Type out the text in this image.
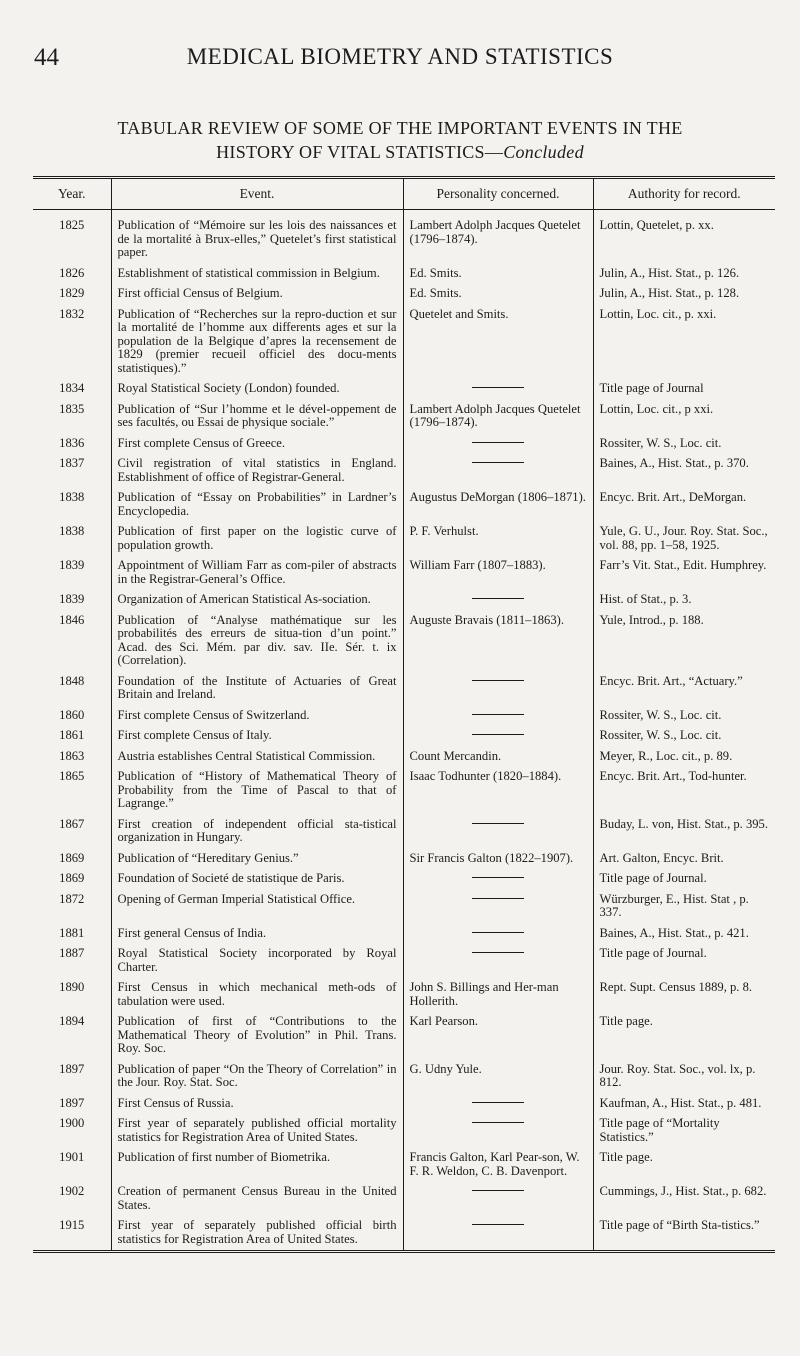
44	MEDICAL BIOMETRY AND STATISTICS
TABULAR REVIEW OF SOME OF THE IMPORTANT EVENTS IN THE
HISTORY OF VITAL STATISTICS—Concluded
Year.	Event.	Personality concerned.	Authority for record.
1825	Publication of “Mémoire sur les lois des naissances et de la mortalité à Brux-elles,” Quetelet’s first statistical paper.	Lambert Adolph Jacques Quetelet (1796–1874).	Lottin, Quetelet, p. xx.
1826	Establishment of statistical commission in Belgium.	Ed. Smits.	Julin, A., Hist. Stat., p. 126.
1829	First official Census of Belgium.	Ed. Smits.	Julin, A., Hist. Stat., p. 128.
1832	Publication of “Recherches sur la repro-duction et sur la mortalité de l’homme aux differents ages et sur la population de la Belgique d’apres la recensement de 1829 (premier recueil officiel des docu-ments statistiques).”	Quetelet and Smits.	Lottin, Loc. cit., p. xxi.
1834	Royal Statistical Society (London) founded.		Title page of Journal
1835	Publication of “Sur l’homme et le dével-oppement de ses facultés, ou Essai de physique sociale.”	Lambert Adolph Jacques Quetelet (1796–1874).	Lottin, Loc. cit., p xxi.
1836	First complete Census of Greece.		Rossiter, W. S., Loc. cit.
1837	Civil registration of vital statistics in England. Establishment of office of Registrar-General.		Baines, A., Hist. Stat., p. 370.
1838	Publication of “Essay on Probabilities” in Lardner’s Encyclopedia.	Augustus DeMorgan (1806–1871).	Encyc. Brit. Art., DeMorgan.
1838	Publication of first paper on the logistic curve of population growth.	P. F. Verhulst.	Yule, G. U., Jour. Roy. Stat. Soc., vol. 88, pp. 1–58, 1925.
1839	Appointment of William Farr as com-piler of abstracts in the Registrar-General’s Office.	William Farr (1807–1883).	Farr’s Vit. Stat., Edit. Humphrey.
1839	Organization of American Statistical As-sociation.		Hist. of Stat., p. 3.
1846	Publication of “Analyse mathématique sur les probabilités des erreurs de situa-tion d’un point.” Acad. des Sci. Mém. par div. sav. IIe. Sér. t. ix (Correlation).	Auguste Bravais (1811–1863).	Yule, Introd., p. 188.
1848	Foundation of the Institute of Actuaries of Great Britain and Ireland.		Encyc. Brit. Art., “Actuary.”
1860	First complete Census of Switzerland.		Rossiter, W. S., Loc. cit.
1861	First complete Census of Italy.		Rossiter, W. S., Loc. cit.
1863	Austria establishes Central Statistical Commission.	Count Mercandin.	Meyer, R., Loc. cit., p. 89.
1865	Publication of “History of Mathematical Theory of Probability from the Time of Pascal to that of Lagrange.”	Isaac Todhunter (1820–1884).	Encyc. Brit. Art., Tod-hunter.
1867	First creation of independent official sta-tistical organization in Hungary.		Buday, L. von, Hist. Stat., p. 395.
1869	Publication of “Hereditary Genius.”	Sir Francis Galton (1822–1907).	Art. Galton, Encyc. Brit.
1869	Foundation of Societé de statistique de Paris.		Title page of Journal.
1872	Opening of German Imperial Statistical Office.		Würzburger, E., Hist. Stat , p. 337.
1881	First general Census of India.		Baines, A., Hist. Stat., p. 421.
1887	Royal Statistical Society incorporated by Royal Charter.		Title page of Journal.
1890	First Census in which mechanical meth-ods of tabulation were used.	John S. Billings and Her-man Hollerith.	Rept. Supt. Census 1889, p. 8.
1894	Publication of first of “Contributions to the Mathematical Theory of Evolution” in Phil. Trans. Roy. Soc.	Karl Pearson.	Title page.
1897	Publication of paper “On the Theory of Correlation” in the Jour. Roy. Stat. Soc.	G. Udny Yule.	Jour. Roy. Stat. Soc., vol. lx, p. 812.
1897	First Census of Russia.		Kaufman, A., Hist. Stat., p. 481.
1900	First year of separately published official mortality statistics for Registration Area of United States.		Title page of “Mortality Statistics.”
1901	Publication of first number of Biometrika.	Francis Galton, Karl Pear-son, W. F. R. Weldon, C. B. Davenport.	Title page.
1902	Creation of permanent Census Bureau in the United States.		Cummings, J., Hist. Stat., p. 682.
1915	First year of separately published official birth statistics for Registration Area of United States.		Title page of “Birth Sta-tistics.”
